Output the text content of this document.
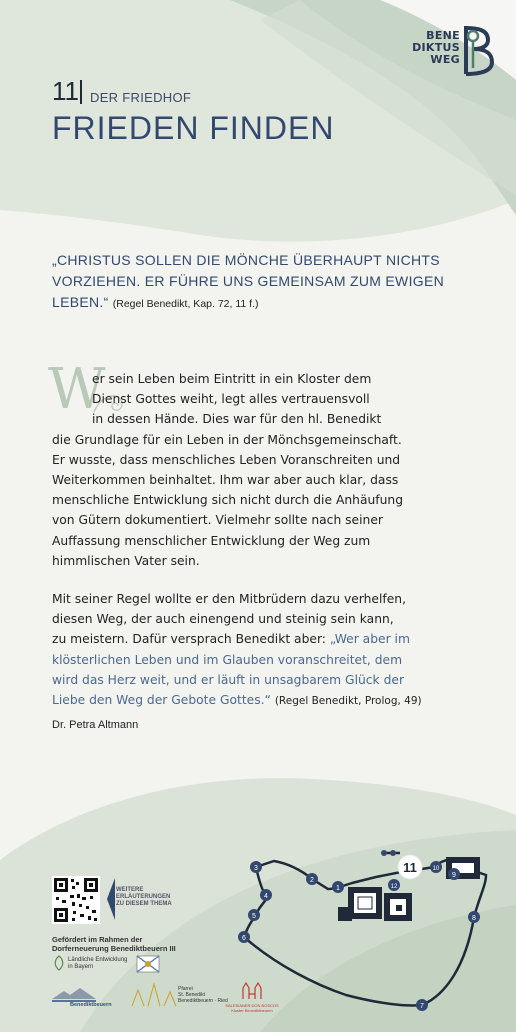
BENE
DIKTUS
WEG
11 DER FRIEDHOF
FRIEDEN FINDEN
„CHRISTUS SOLLEN DIE MÖNCHE ÜBERHAUPT NICHTS VORZIEHEN. ER FÜHRE UNS GEMEINSAM ZUM EWIGEN LEBEN.“ (Regel Benedikt, Kap. 72, 11 f.)
W
er sein Leben beim Eintritt in ein Kloster dem
Dienst Gottes weiht, legt alles vertrauensvoll
in dessen Hände. Dies war für den hl. Benedikt
die Grundlage für ein Leben in der Mönchsgemeinschaft.
Er wusste, dass menschliches Leben Voranschreiten und
Weiterkommen beinhaltet. Ihm war aber auch klar, dass
menschliche Entwicklung sich nicht durch die Anhäufung
von Gütern dokumentiert. Vielmehr sollte nach seiner
Auffassung menschlicher Entwicklung der Weg zum
himmlischen Vater sein.
Mit seiner Regel wollte er den Mitbrüdern dazu verhelfen,
diesen Weg, der auch einengend und steinig sein kann,
zu meistern. Dafür versprach Benedikt aber: „Wer aber im
klösterlichen Leben und im Glauben voranschreitet, dem
wird das Herz weit, und er läuft in unsagbarem Glück der
Liebe den Weg der Gebote Gottes.“ (Regel Benedikt, Prolog, 49)
Dr. Petra Altmann
WEITERE
ERLÄUTERUNGEN
ZU DIESEM THEMA
Gefördert im Rahmen der
Dorferneuerung Benediktbeuern III
Ländliche Entwicklung
in Bayern
Benediktbeuern
Pfarrei
St. Benedikt
Benediktbeuern · Ried
SALESIANER DON BOSCOS
Kloster Benediktbeuern
1
2
3
4
5
6
7
8
9
10
12
11
